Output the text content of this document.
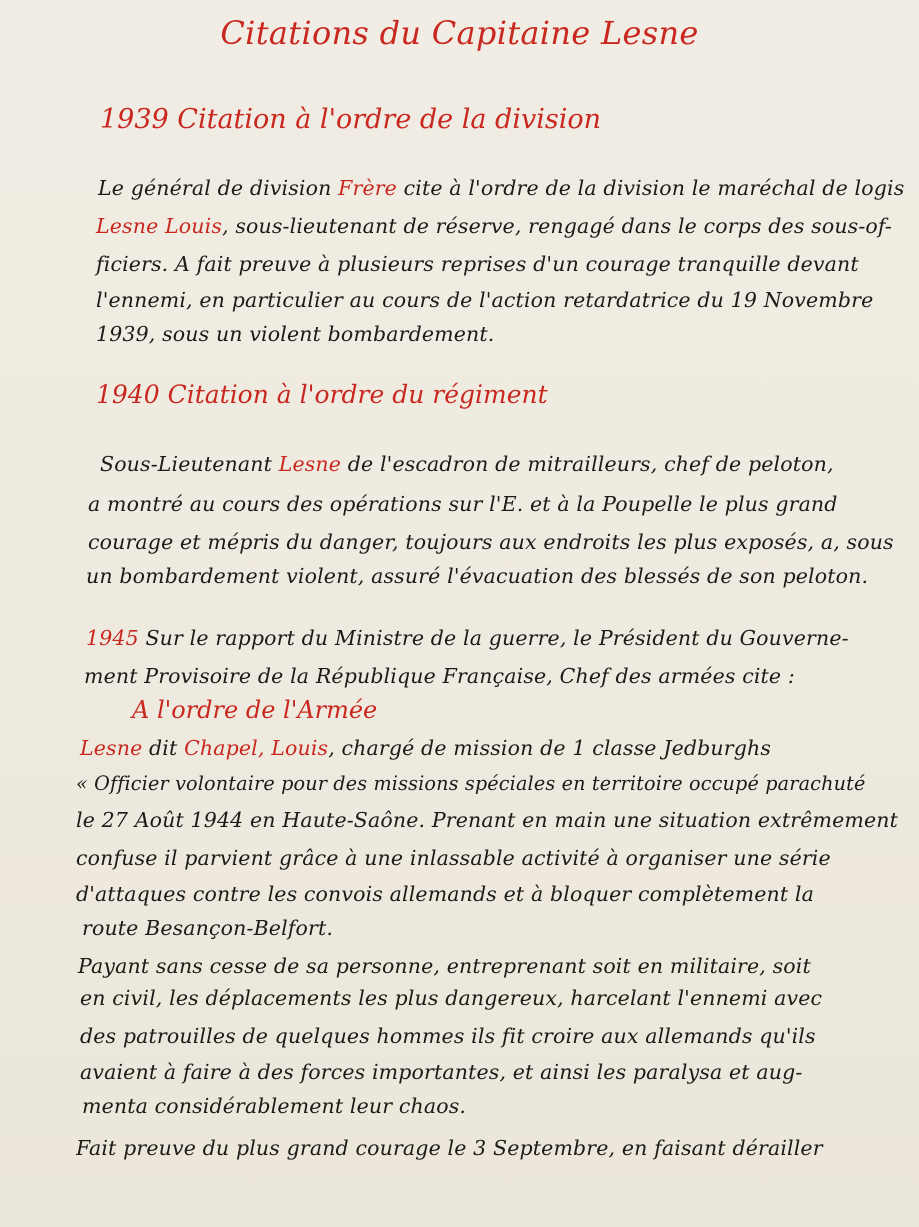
Citations du Capitaine Lesne
1939 Citation à l'ordre de la division
Le général de division Frère cite à l'ordre de la division le maréchal de logis
Lesne Louis, sous-lieutenant de réserve, rengagé dans le corps des sous-of-
ficiers. A fait preuve à plusieurs reprises d'un courage tranquille devant
l'ennemi, en particulier au cours de l'action retardatrice du 19 Novembre
1939, sous un violent bombardement.
1940 Citation à l'ordre du régiment
Sous-Lieutenant Lesne de l'escadron de mitrailleurs, chef de peloton,
a montré au cours des opérations sur l'E. et à la Poupelle le plus grand
courage et mépris du danger, toujours aux endroits les plus exposés, a, sous
un bombardement violent, assuré l'évacuation des blessés de son peloton.
1945 Sur le rapport du Ministre de la guerre, le Président du Gouverne-
ment Provisoire de la République Française, Chef des armées cite :
A l'ordre de l'Armée
Lesne dit Chapel, Louis, chargé de mission de 1 classe Jedburghs
« Officier volontaire pour des missions spéciales en territoire occupé parachuté
le 27 Août 1944 en Haute-Saône. Prenant en main une situation extrêmement
confuse il parvient grâce à une inlassable activité à organiser une série
d'attaques contre les convois allemands et à bloquer complètement la
route Besançon-Belfort.
Payant sans cesse de sa personne, entreprenant soit en militaire, soit
en civil, les déplacements les plus dangereux, harcelant l'ennemi avec
des patrouilles de quelques hommes ils fit croire aux allemands qu'ils
avaient à faire à des forces importantes, et ainsi les paralysa et aug-
menta considérablement leur chaos.
Fait preuve du plus grand courage le 3 Septembre, en faisant dérailler
